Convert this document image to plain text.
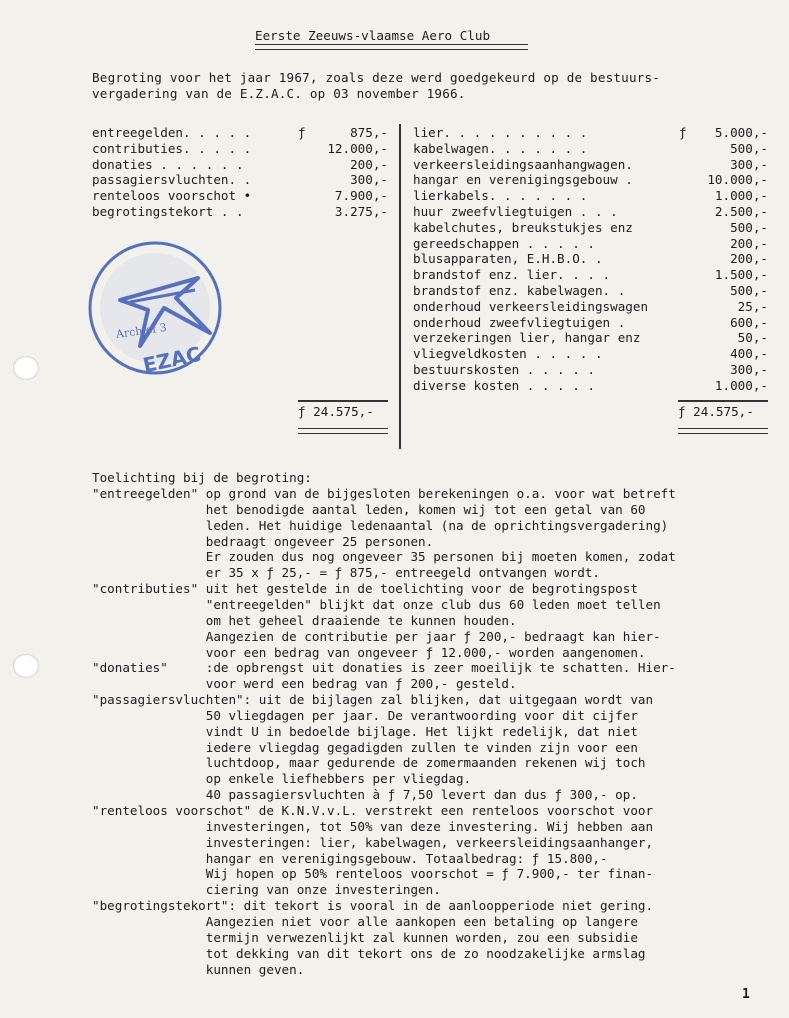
Eerste Zeeuws-vlaamse Aero Club
Begroting voor het jaar 1967, zoals deze werd goedgekeurd op de bestuurs-
vergadering van de E.Z.A.C. op 03 november 1966.
entreegelden. . . . .	ƒ	875,-
contributies. . . . .	12.000,-
donaties . . . . . .	200,-
passagiersvluchten. .	300,-
renteloos voorschot •	7.900,-
begrotingstekort . .	3.275,-
lier. . . . . . . . . .	ƒ 5.000,-
kabelwagen. . . . . . .	500,-
verkeersleidingsaanhangwagen.	300,-
hangar en verenigingsgebouw .	10.000,-
lierkabels. . . . . . .	1.000,-
huur zweefvliegtuigen . . .	2.500,-
kabelchutes, breukstukjes enz	500,-
gereedschappen . . . . .	200,-
blusapparaten, E.H.B.O. .	200,-
brandstof enz. lier. . . .	1.500,-
brandstof enz. kabelwagen. .	500,-
onderhoud verkeersleidingswagen	25,-
onderhoud zweefvliegtuigen .	600,-
verzekeringen lier, hangar enz	50,-
vliegveldkosten . . . . .	400,-
bestuurskosten . . . . .	300,-
diverse kosten . . . . .	1.000,-
ƒ 24.575,-	ƒ 24.575,-
EZAC
Archief 3
Toelichting bij de begroting:
"entreegelden" op grond van de bijgesloten berekeningen o.a. voor wat betreft
het benodigde aantal leden, komen wij tot een getal van 60
leden. Het huidige ledenaantal (na de oprichtingsvergadering)
bedraagt ongeveer 25 personen.
Er zouden dus nog ongeveer 35 personen bij moeten komen, zodat
er 35 x ƒ 25,- = ƒ 875,- entreegeld ontvangen wordt.
"contributies" uit het gestelde in de toelichting voor de begrotingspost
"entreegelden" blijkt dat onze club dus 60 leden moet tellen
om het geheel draaiende te kunnen houden.
Aangezien de contributie per jaar ƒ 200,- bedraagt kan hier-
voor een bedrag van ongeveer ƒ 12.000,- worden aangenomen.
"donaties"     :de opbrengst uit donaties is zeer moeilijk te schatten. Hier-
voor werd een bedrag van ƒ 200,- gesteld.
"passagiersvluchten": uit de bijlagen zal blijken, dat uitgegaan wordt van
50 vliegdagen per jaar. De verantwoording voor dit cijfer
vindt U in bedoelde bijlage. Het lijkt redelijk, dat niet
iedere vliegdag gegadigden zullen te vinden zijn voor een
luchtdoop, maar gedurende de zomermaanden rekenen wij toch
op enkele liefhebbers per vliegdag.
40 passagiersvluchten à ƒ 7,50 levert dan dus ƒ 300,- op.
"renteloos voorschot" de K.N.V.v.L. verstrekt een renteloos voorschot voor
investeringen, tot 50% van deze investering. Wij hebben aan
investeringen: lier, kabelwagen, verkeersleidingsaanhanger,
hangar en verenigingsgebouw. Totaalbedrag: ƒ 15.800,-
Wij hopen op 50% renteloos voorschot = ƒ 7.900,- ter finan-
ciering van onze investeringen.
"begrotingstekort": dit tekort is vooral in de aanloopperiode niet gering.
Aangezien niet voor alle aankopen een betaling op langere
termijn verwezenlijkt zal kunnen worden, zou een subsidie
tot dekking van dit tekort ons de zo noodzakelijke armslag
kunnen geven.
1
